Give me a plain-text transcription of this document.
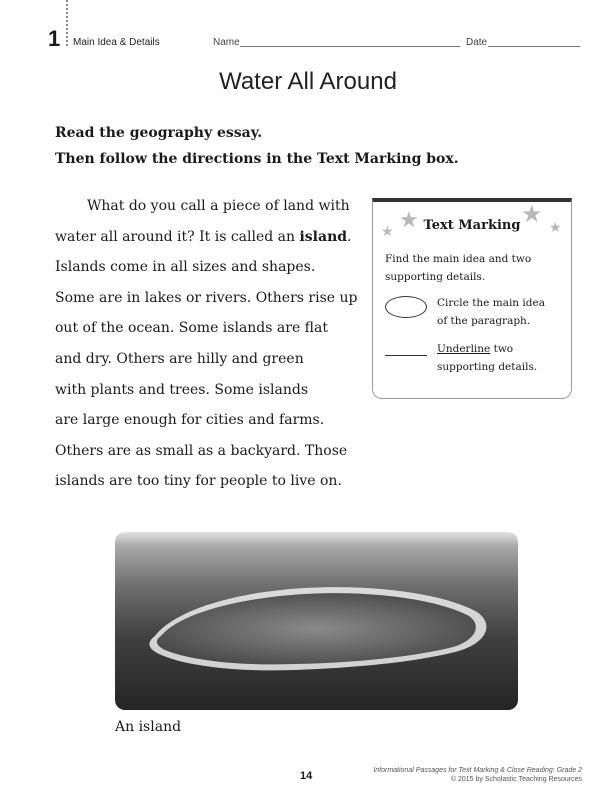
1 Main Idea & Details	Name	Date
Water All Around
Read the geography essay.
Then follow the directions in the Text Marking box.
What do you call a piece of land with
water all around it? It is called an island.
Islands come in all sizes and shapes.
Some are in lakes or rivers. Others rise up
out of the ocean. Some islands are flat
and dry. Others are hilly and green
with plants and trees. Some islands
are large enough for cities and farms.
Others are as small as a backyard. Those
islands are too tiny for people to live on.
★
★
★ ★
Text Marking
Find the main idea and two
supporting details.
Circle the main idea
of the paragraph.
Underline two
supporting details.
An island
14	Informational Passages for Text Marking & Close Reading: Grade 2
© 2015 by Scholastic Teaching Resources
